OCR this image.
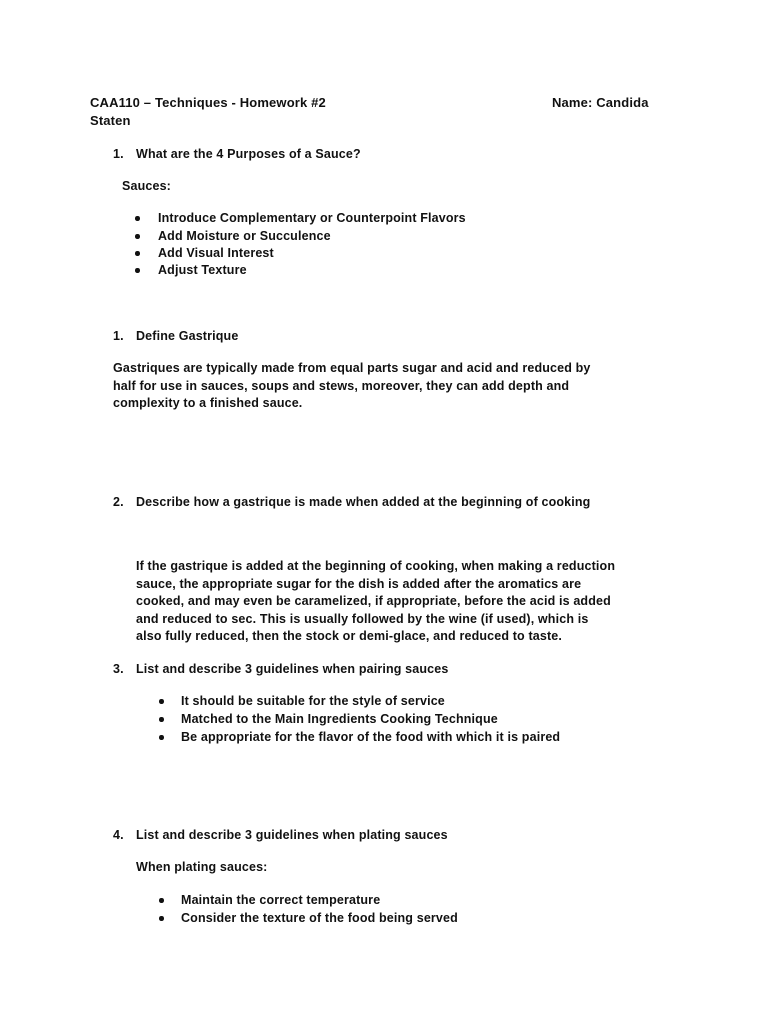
CAA110 – Techniques - Homework #2	Name: Candida
Staten
1. What are the 4 Purposes of a Sauce?
Sauces:
Introduce Complementary or Counterpoint Flavors
Add Moisture or Succulence
Add Visual Interest
Adjust Texture
1. Define Gastrique
Gastriques are typically made from equal parts sugar and acid and reduced by
half for use in sauces, soups and stews, moreover, they can add depth and
complexity to a finished sauce.
2. Describe how a gastrique is made when added at the beginning of cooking
If the gastrique is added at the beginning of cooking, when making a reduction
sauce, the appropriate sugar for the dish is added after the aromatics are
cooked, and may even be caramelized, if appropriate, before the acid is added
and reduced to sec. This is usually followed by the wine (if used), which is
also fully reduced, then the stock or demi-glace, and reduced to taste.
3. List and describe 3 guidelines when pairing sauces
It should be suitable for the style of service
Matched to the Main Ingredients Cooking Technique
Be appropriate for the flavor of the food with which it is paired
4. List and describe 3 guidelines when plating sauces
When plating sauces:
Maintain the correct temperature
Consider the texture of the food being served
